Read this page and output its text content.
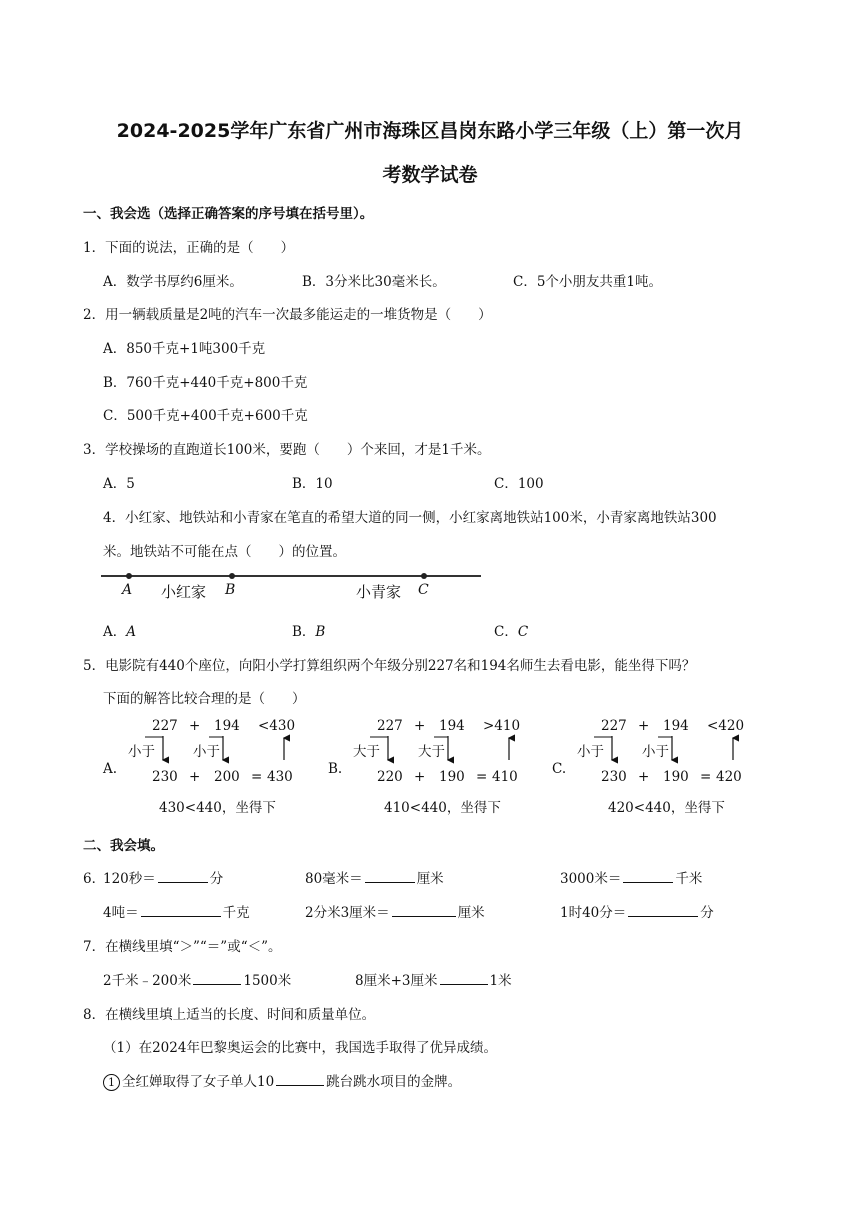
2024-2025学年广东省广州市海珠区昌岗东路小学三年级（上）第一次月
考数学试卷
一、我会选（选择正确答案的序号填在括号里）。
1．下面的说法，正确的是（　　）
A．数学书厚约6厘米。	B．3分米比30毫米长。	C．5个小朋友共重1吨。
2．用一辆载质量是2吨的汽车一次最多能运走的一堆货物是（　　）
A．850千克+1吨300千克
B．760千克+440千克+800千克
C．500千克+400千克+600千克
3．学校操场的直跑道长100米，要跑（　　）个来回，才是1千米。
A．5	B．10	C．100
4．小红家、地铁站和小青家在笔直的希望大道的同一侧，小红家离地铁站100米，小青家离地铁站300
米。地铁站不可能在点（　　）的位置。
A 小红家 B	小青家 C
A．A	B．B	C．C
5．电影院有440个座位，向阳小学打算组织两个年级分别227名和194名师生去看电影，能坐得下吗？
下面的解答比较合理的是（　　）
A.
227 + 194 <430
小于	小于
230 + 200 = 430
430<440，坐得下
B.
227 + 194 >410
大于	大于
220 + 190 = 410
410<440，坐得下
C.
227 + 194 <420
小于	小于
230 + 190 = 420
420<440，坐得下
二、我会填。
6．
120秒＝	分	80毫米＝	厘米	3000米＝	千米
4吨＝	千克	2分米3厘米＝	厘米	1时40分＝	分
7．在横线里填“＞”“＝”或“＜”。
2千米﹣200米	1500米	8厘米+3厘米	1米
8．在横线里填上适当的长度、时间和质量单位。
（1）在2024年巴黎奥运会的比赛中，我国选手取得了优异成绩。
1 全红婵取得了女子单人10	跳台跳水项目的金牌。
